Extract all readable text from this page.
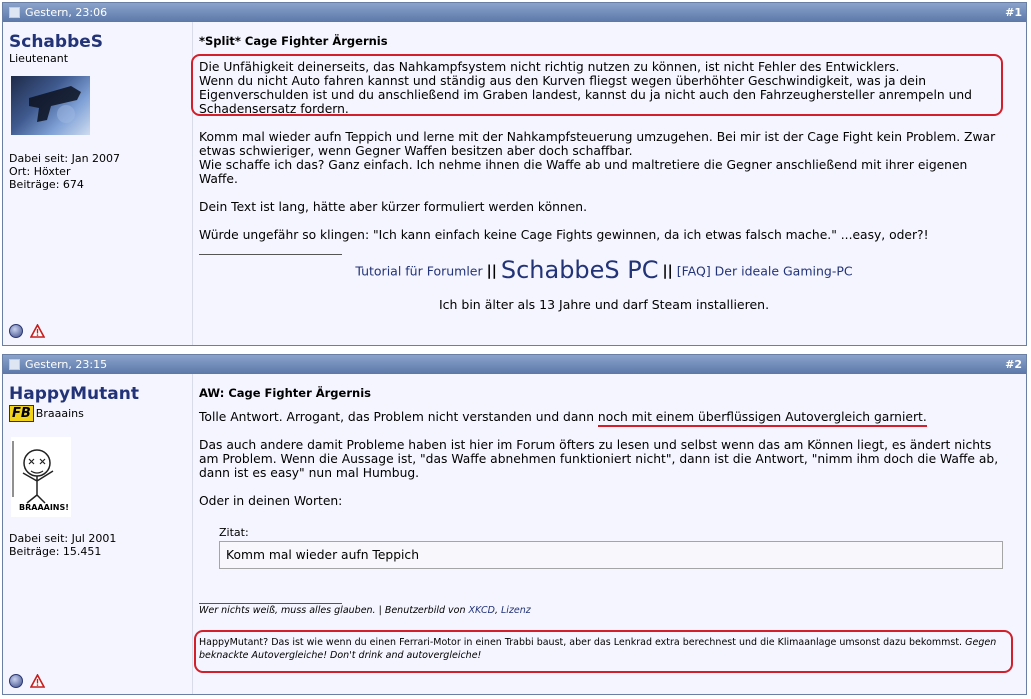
Gestern, 23:06	#1
SchabbeS
Lieutenant
Dabei seit: Jan 2007
Ort: Höxter
Beiträge: 674
*Split* Cage Fighter Ärgernis
Die Unfähigkeit deinerseits, das Nahkampfsystem nicht richtig nutzen zu können, ist nicht Fehler des Entwicklers.
Wenn du nicht Auto fahren kannst und ständig aus den Kurven fliegst wegen überhöhter Geschwindigkeit, was ja dein Eigenverschulden ist und du anschließend im Graben landest, kannst du ja nicht auch den Fahrzeughersteller anrempeln und Schadensersatz fordern.
Komm mal wieder aufn Teppich und lerne mit der Nahkampfsteuerung umzugehen. Bei mir ist der Cage Fight kein Problem. Zwar etwas schwieriger, wenn Gegner Waffen besitzen aber doch schaffbar.
Wie schaffe ich das? Ganz einfach. Ich nehme ihnen die Waffe ab und maltretiere die Gegner anschließend mit ihrer eigenen Waffe.
Dein Text ist lang, hätte aber kürzer formuliert werden können.
Würde ungefähr so klingen: "Ich kann einfach keine Cage Fights gewinnen, da ich etwas falsch mache." ...easy, oder?!
Tutorial für Forumler || SchabbeS PC || [FAQ] Der ideale Gaming-PC
Ich bin älter als 13 Jahre und darf Steam installieren.
Gestern, 23:15	#2
HappyMutant
FB Braaains
BRAAAINS!
Dabei seit: Jul 2001
Beiträge: 15.451
AW: Cage Fighter Ärgernis
Tolle Antwort. Arrogant, das Problem nicht verstanden und dann noch mit einem überflüssigen Autovergleich garniert.
Das auch andere damit Probleme haben ist hier im Forum öfters zu lesen und selbst wenn das am Können liegt, es ändert nichts am Problem. Wenn die Aussage ist, "das Waffe abnehmen funktioniert nicht", dann ist die Antwort, "nimm ihm doch die Waffe ab, dann ist es easy" nun mal Humbug.
Oder in deinen Worten:
Zitat:
Komm mal wieder aufn Teppich
Wer nichts weiß, muss alles glauben. | Benutzerbild von XKCD, Lizenz
HappyMutant? Das ist wie wenn du einen Ferrari-Motor in einen Trabbi baust, aber das Lenkrad extra berechnest und die Klimaanlage umsonst dazu bekommst. Gegen beknackte Autovergleiche! Don't drink and autovergleiche!
